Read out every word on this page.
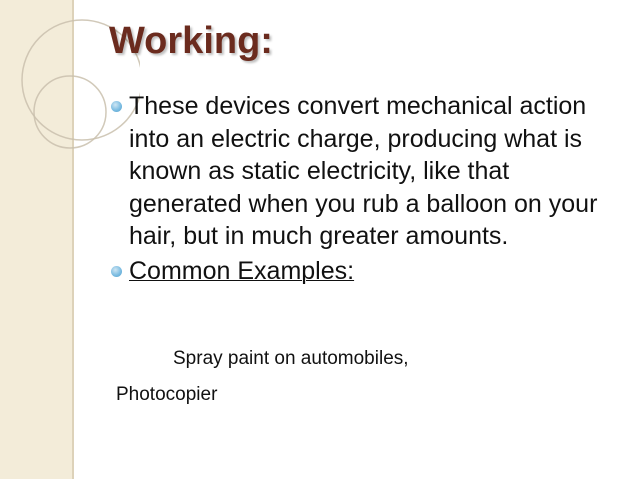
Working:
These devices convert mechanical action into an electric charge, producing what is known as static electricity, like that generated when you rub a balloon on your hair, but in much greater amounts.
Common Examples:

Spray paint on automobiles,

Photocopier
